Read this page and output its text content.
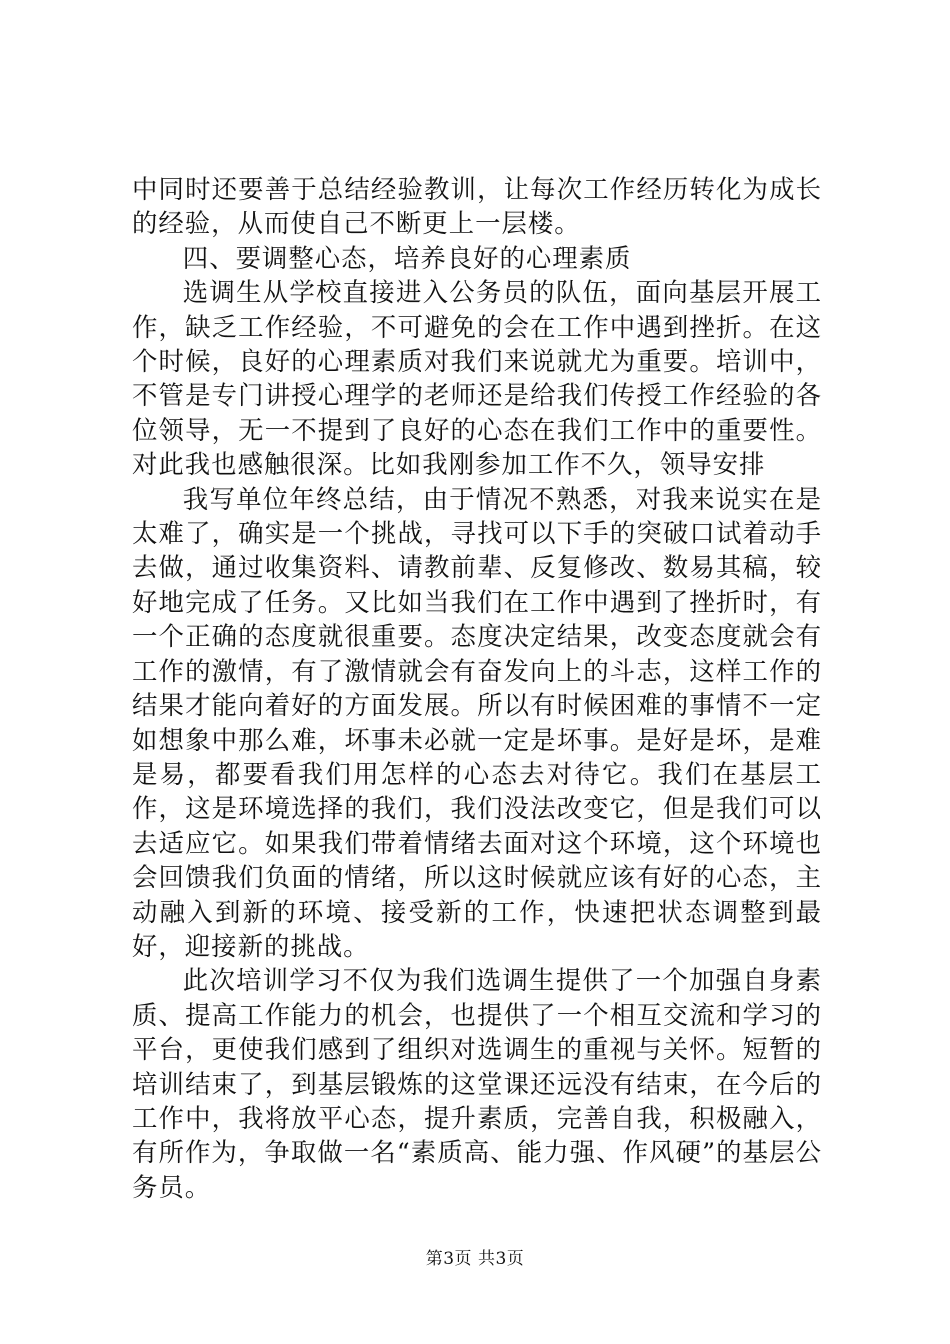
中同时还要善于总结经验教训，让每次工作经历转化为成长的经验，从而使自己不断更上一层楼。

四、要调整心态，培养良好的心理素质

选调生从学校直接进入公务员的队伍，面向基层开展工作，缺乏工作经验，不可避免的会在工作中遇到挫折。在这个时候，良好的心理素质对我们来说就尤为重要。培训中，不管是专门讲授心理学的老师还是给我们传授工作经验的各位领导，无一不提到了良好的心态在我们工作中的重要性。对此我也感触很深。比如我刚参加工作不久，领导安排

我写单位年终总结，由于情况不熟悉，对我来说实在是太难了，确实是一个挑战，寻找可以下手的突破口试着动手去做，通过收集资料、请教前辈、反复修改、数易其稿，较好地完成了任务。又比如当我们在工作中遇到了挫折时，有一个正确的态度就很重要。态度决定结果，改变态度就会有工作的激情，有了激情就会有奋发向上的斗志，这样工作的结果才能向着好的方面发展。所以有时候困难的事情不一定如想象中那么难，坏事未必就一定是坏事。是好是坏，是难是易，都要看我们用怎样的心态去对待它。我们在基层工作，这是环境选择的我们，我们没法改变它，但是我们可以去适应它。如果我们带着情绪去面对这个环境，这个环境也会回馈我们负面的情绪，所以这时候就应该有好的心态，主动融入到新的环境、接受新的工作，快速把状态调整到最好，迎接新的挑战。

此次培训学习不仅为我们选调生提供了一个加强自身素质、提高工作能力的机会，也提供了一个相互交流和学习的平台，更使我们感到了组织对选调生的重视与关怀。短暂的培训结束了，到基层锻炼的这堂课还远没有结束，在今后的工作中，我将放平心态，提升素质，完善自我，积极融入，有所作为，争取做一名“素质高、能力强、作风硬”的基层公务员。

第3页 共3页
